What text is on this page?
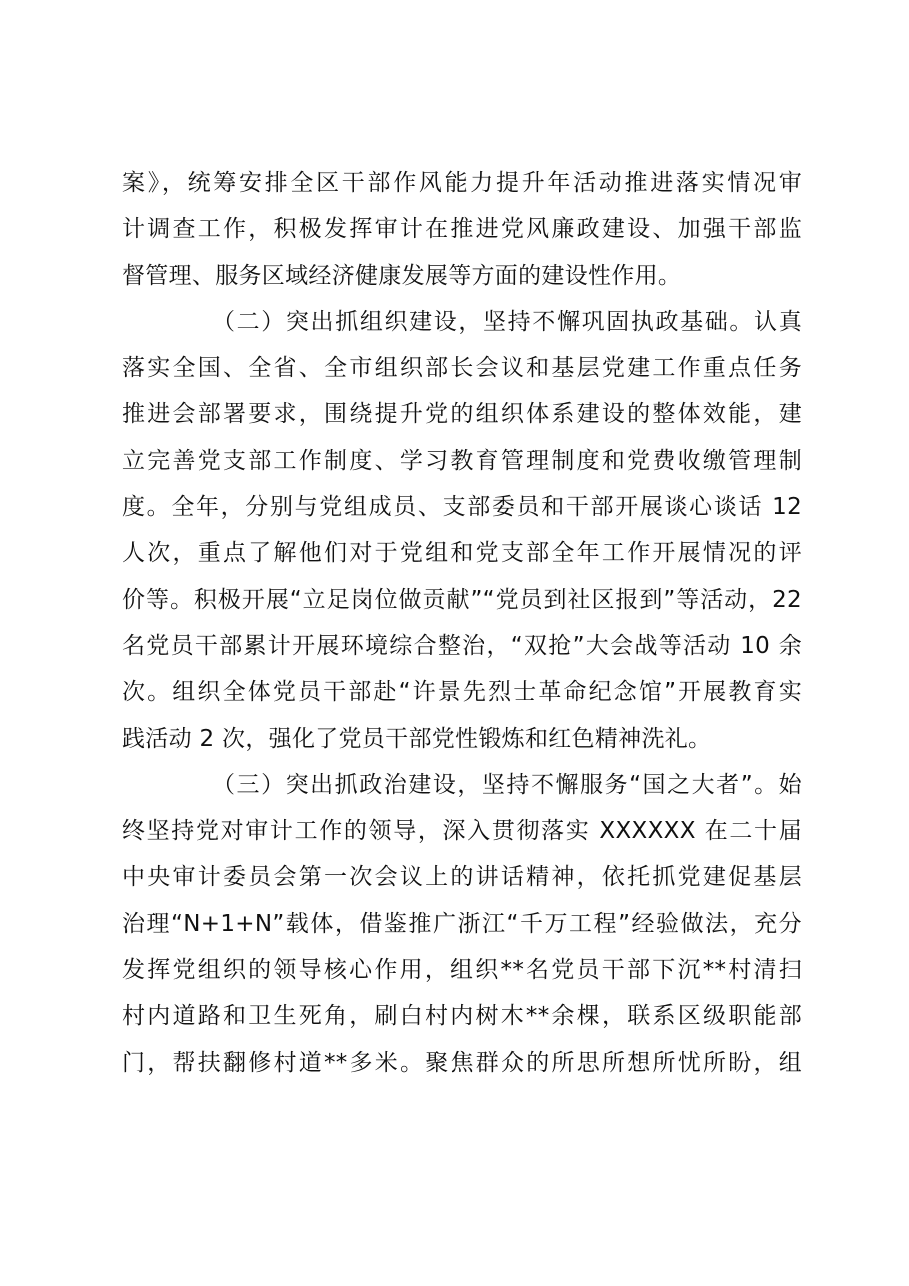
案》，统筹安排全区干部作风能力提升年活动推进落实情况审
计调查工作，积极发挥审计在推进党风廉政建设、加强干部监
督管理、服务区域经济健康发展等方面的建设性作用。
（二）突出抓组织建设，坚持不懈巩固执政基础。认真
落实全国、全省、全市组织部长会议和基层党建工作重点任务
推进会部署要求，围绕提升党的组织体系建设的整体效能，建
立完善党支部工作制度、学习教育管理制度和党费收缴管理制
度。全年，分别与党组成员、支部委员和干部开展谈心谈话 12
人次，重点了解他们对于党组和党支部全年工作开展情况的评
价等。积极开展“立足岗位做贡献”“党员到社区报到”等活动，22
名党员干部累计开展环境综合整治，“双抢”大会战等活动 10 余
次。组织全体党员干部赴“许景先烈士革命纪念馆”开展教育实
践活动 2 次，强化了党员干部党性锻炼和红色精神洗礼。
（三）突出抓政治建设，坚持不懈服务“国之大者”。始
终坚持党对审计工作的领导，深入贯彻落实 XXXXXX 在二十届
中央审计委员会第一次会议上的讲话精神，依托抓党建促基层
治理“N+1+N”载体，借鉴推广浙江“千万工程”经验做法，充分
发挥党组织的领导核心作用，组织**名党员干部下沉**村清扫
村内道路和卫生死角，刷白村内树木**余棵，联系区级职能部
门，帮扶翻修村道**多米。聚焦群众的所思所想所忧所盼，组
